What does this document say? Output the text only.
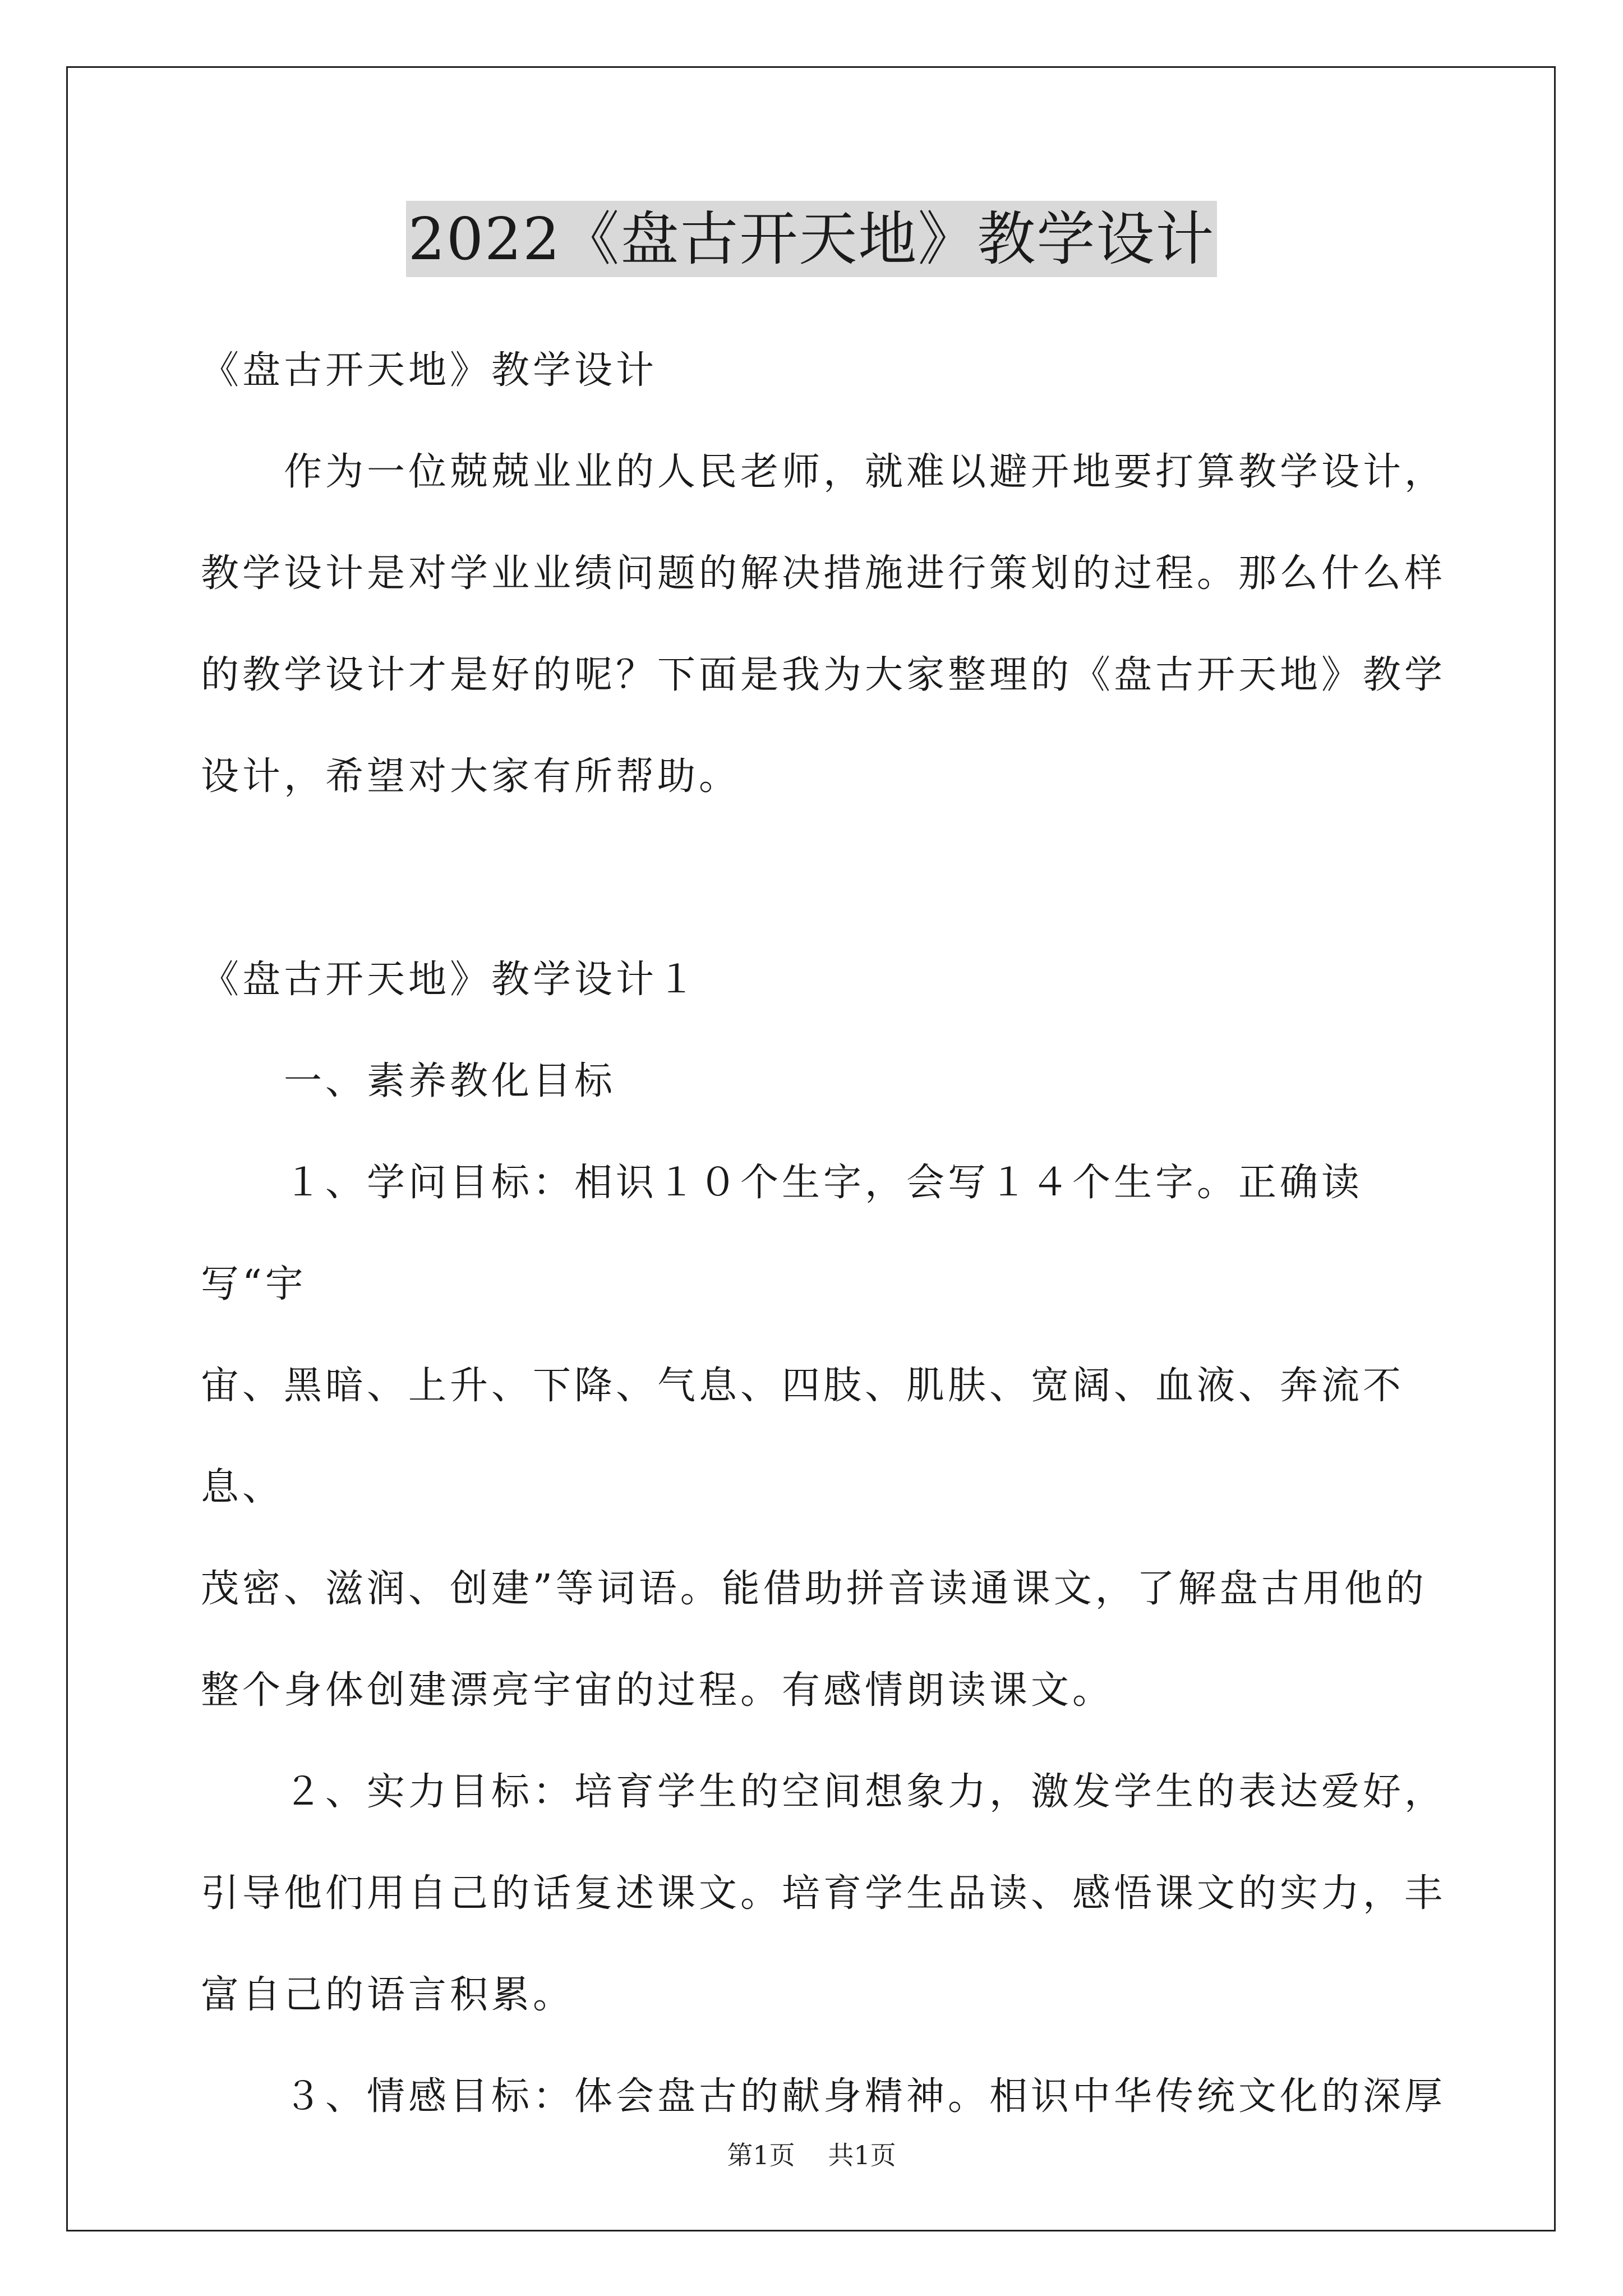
2022《盘古开天地》教学设计

《盘古开天地》教学设计

作为一位兢兢业业的人民老师，就难以避开地要打算教学设计，

教学设计是对学业业绩问题的解决措施进行策划的过程。那么什么样

的教学设计才是好的呢？下面是我为大家整理的《盘古开天地》教学

设计，希望对大家有所帮助。

《盘古开天地》教学设计１

一、素养教化目标

１、学问目标：相识１０个生字，会写１４个生字。正确读写“宇

宙、黑暗、上升、下降、气息、四肢、肌肤、宽阔、血液、奔流不息、

茂密、滋润、创建”等词语。能借助拼音读通课文，了解盘古用他的

整个身体创建漂亮宇宙的过程。有感情朗读课文。

２、实力目标：培育学生的空间想象力，激发学生的表达爱好，

引导他们用自己的话复述课文。培育学生品读、感悟课文的实力，丰

富自己的语言积累。

３、情感目标：体会盘古的献身精神。相识中华传统文化的深厚

第1页 共1页
